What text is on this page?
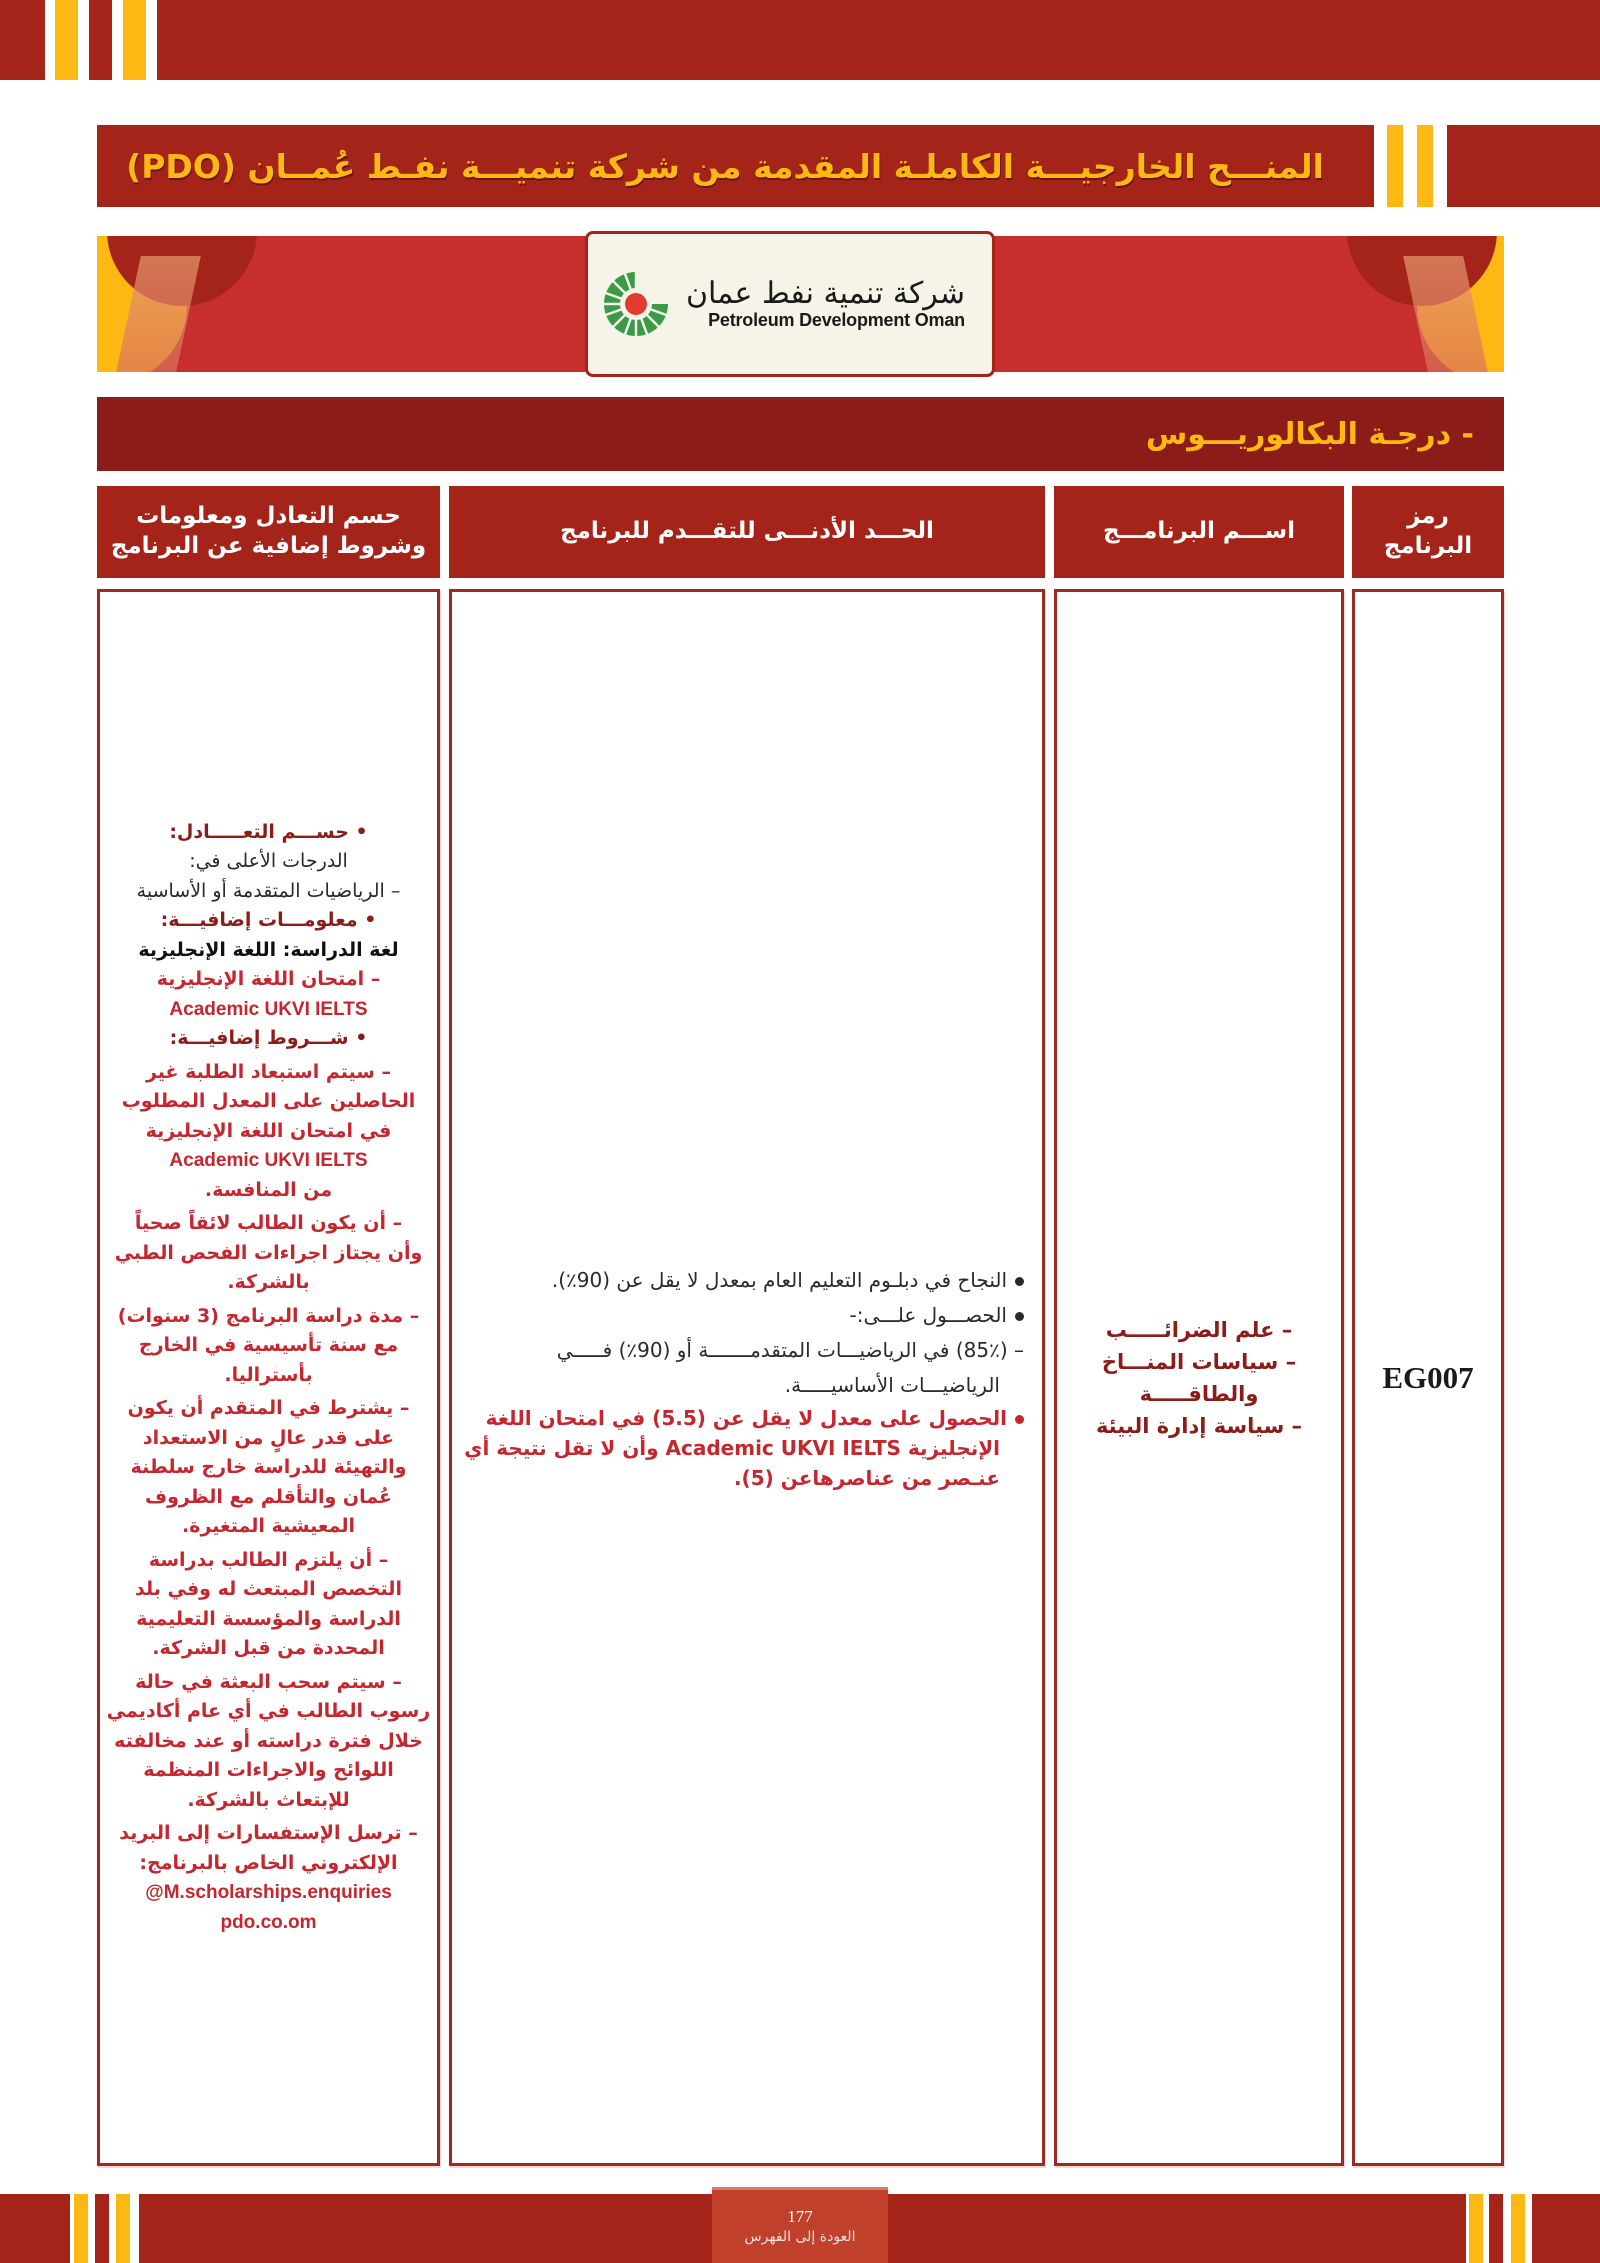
المنـــح الخارجيـــة الكاملـة المقدمة من شركة تنميـــة نفـط عُمــان (PDO)
شركة تنمية نفط عمان
Petroleum Development Oman
- درجـة البكالوريـــوس
رمز البرنامج
اســـم البرنامـــج
الحـــد الأدنـــى للتقـــدم للبرنامج
حسم التعادل ومعلومات
وشروط إضافية عن البرنامج
EG007
– علم الضرائـــــب
– سياسات المنـــاخ
والطاقـــــة
– سياسة إدارة البيئة
النجاح في دبلـوم التعليم العام بمعدل لا يقل عن (90٪).
الحصـــول علـــى:-
– (85٪) في الرياضيـــات المتقدمـــــــة أو (90٪) فـــــي
الرياضيـــات الأساسيـــــة.
الحصول على معدل لا يقل عن (5.5) في امتحان اللغة
الإنجليزية Academic UKVI IELTS وأن لا تقل نتيجة أي
عنـصر من عناصرهاعن (5).
• حســـم التعـــــادل:
الدرجات الأعلى في:
– الرياضيات المتقدمة أو الأساسية
• معلومـــات إضافيـــة:
لغة الدراسة: اللغة الإنجليزية
– امتحان اللغة الإنجليزية
Academic UKVI IELTS
• شـــروط إضافيـــة:
– سيتم استبعاد الطلبة غير
الحاصلين على المعدل المطلوب
في امتحان اللغة الإنجليزية
Academic UKVI IELTS
من المنافسة.
– أن يكون الطالب لائقاً صحياً
وأن يجتاز اجراءات الفحص الطبي
بالشركة.
– مدة دراسة البرنامج (3 سنوات)
مع سنة تأسيسية في الخارج
بأستراليا.
– يشترط في المتقدم أن يكون
على قدر عالٍ من الاستعداد
والتهيئة للدراسة خارج سلطنة
عُمان والتأقلم مع الظروف
المعيشية المتغيرة.
– أن يلتزم الطالب بدراسة
التخصص المبتعث له وفي بلد
الدراسة والمؤسسة التعليمية
المحددة من قبل الشركة.
– سيتم سحب البعثة في حالة
رسوب الطالب في أي عام أكاديمي
خلال فترة دراسته أو عند مخالفته
اللوائح والاجراءات المنظمة
للإبتعاث بالشركة.
– ترسل الإستفسارات إلى البريد
الإلكتروني الخاص بالبرنامج:
M.scholarships.enquiries@
pdo.co.om
177
العودة إلى الفهرس
